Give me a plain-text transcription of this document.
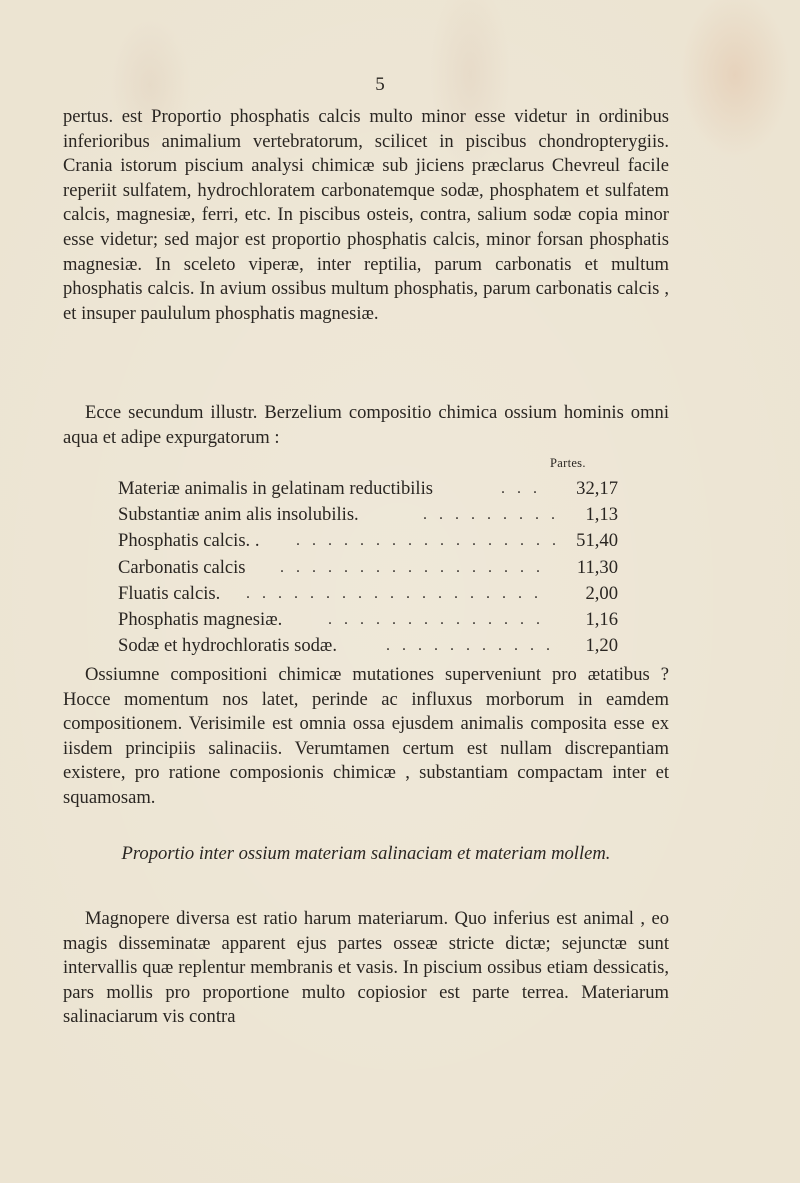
5

pertus. est Proportio phosphatis calcis multo minor esse videtur in ordinibus inferioribus animalium vertebratorum, scilicet in piscibus chondropterygiis. Crania istorum piscium analysi chimicæ sub jiciens præclarus Chevreul facile reperiit sulfatem, hydrochloratem carbonatemque sodæ, phosphatem et sulfatem calcis, magnesiæ, ferri, etc. In piscibus osteis, contra, salium sodæ copia minor esse videtur; sed major est proportio phosphatis calcis, minor forsan phosphatis magnesiæ. In sceleto viperæ, inter reptilia, parum carbonatis et multum phosphatis calcis. In avium ossibus multum phosphatis, parum carbonatis calcis , et insuper paululum phosphatis magnesiæ.

Ecce secundum illustr. Berzelium compositio chimica ossium hominis omni aqua et adipe expurgatorum :

Partes.
Materiæ animalis in gelatinam reductibilis	. . .	32,17
Substantiæ anim alis insolubilis.	. . . . . . . . .	1,13
Phosphatis calcis. . . . . . . . . . . . . . . . . . . 51,40
Carbonatis calcis . . . . . . . . . . . . . . . . .	11,30
Fluatis calcis. . . . . . . . . . . . . . . . . . . .	2,00
Phosphatis magnesiæ.	. . . . . . . . . . . . . .	1,16
Sodæ et hydrochloratis sodæ.	. . . . . . . . . . .	1,20

Ossiumne compositioni chimicæ mutationes superveniunt pro ætatibus ? Hocce momentum nos latet, perinde ac influxus morborum in eamdem compositionem. Verisimile est omnia ossa ejusdem animalis composita esse ex iisdem principiis salinaciis. Verumtamen certum est nullam discrepantiam existere, pro ratione composionis chimicæ , substantiam compactam inter et squamosam.

Proportio inter ossium materiam salinaciam et materiam mollem.

Magnopere diversa est ratio harum materiarum. Quo inferius est animal , eo magis disseminatæ apparent ejus partes osseæ stricte dictæ; sejunctæ sunt intervallis quæ replentur membranis et vasis. In piscium ossibus etiam dessicatis, pars mollis pro proportione multo copiosior est parte terrea. Materiarum salinaciarum vis contra
